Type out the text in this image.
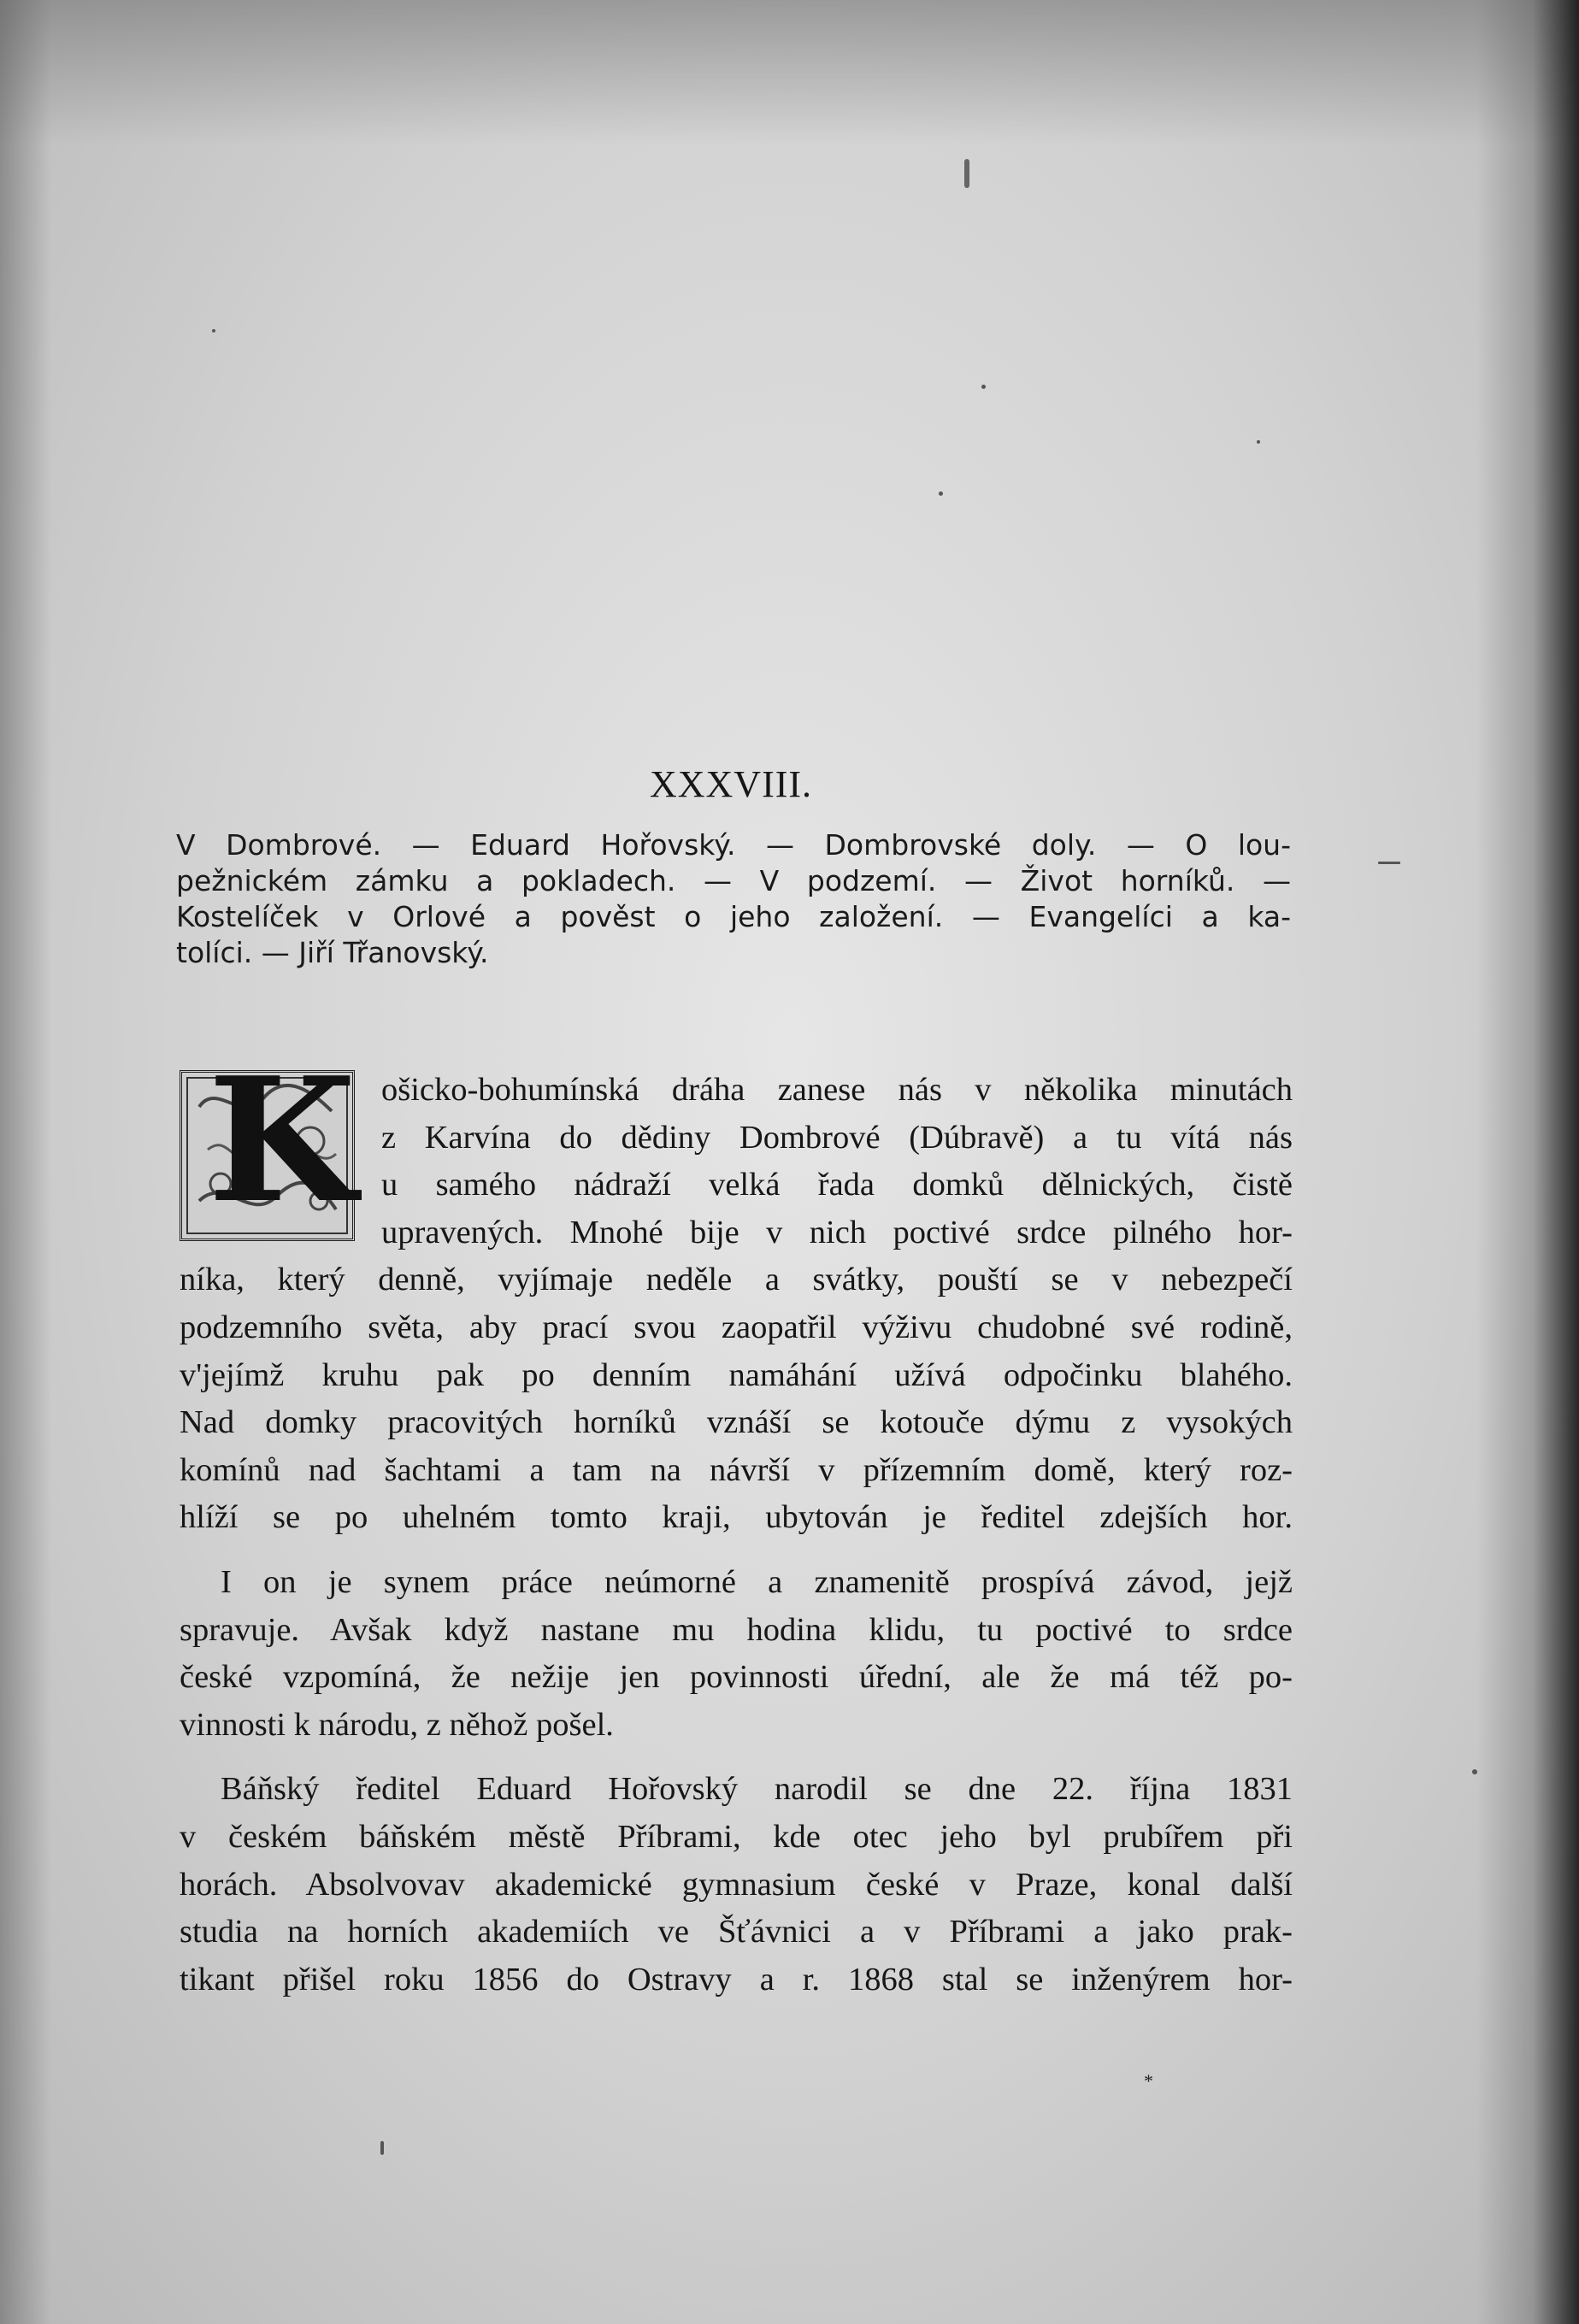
XXXVIII.
V Dombrové. — Eduard Hořovský. — Dombrovské doly. — O lou-
pežnickém zámku a pokladech. — V podzemí. — Život horníků. —
Kostelíček v Orlové a pověst o jeho založení. — Evangelíci a ka-
tolíci. — Jiří Třanovský.
K ošicko-bohumínská dráha zanese nás v několika minutách
z Karvína do dědiny Dombrové (Dúbravě) a tu vítá nás
u samého nádraží velká řada domků dělnických, čistě
upravených. Mnohé bije v nich poctivé srdce pilného hor-
níka, který denně, vyjímaje neděle a svátky, pouští se v nebezpečí
podzemního světa, aby prací svou zaopatřil výživu chudobné své rodině,
v'jejímž kruhu pak po denním namáhání užívá odpočinku blahého.
Nad domky pracovitých horníků vznáší se kotouče dýmu z vysokých
komínů nad šachtami a tam na návrší v přízemním domě, který roz-
hlíží se po uhelném tomto kraji, ubytován je ředitel zdejších hor.
I on je synem práce neúmorné a znamenitě prospívá závod, jejž
spravuje. Avšak když nastane mu hodina klidu, tu poctivé to srdce
české vzpomíná, že nežije jen povinnosti úřední, ale že má též po-
vinnosti k národu, z něhož pošel.
Báňský ředitel Eduard Hořovský narodil se dne 22. října 1831
v českém báňském městě Příbrami, kde otec jeho byl prubířem při
horách. Absolvovav akademické gymnasium české v Praze, konal další
studia na horních akademiích ve Šťávnici a v Příbrami a jako prak-
tikant přišel roku 1856 do Ostravy a r. 1868 stal se inženýrem hor-
*
